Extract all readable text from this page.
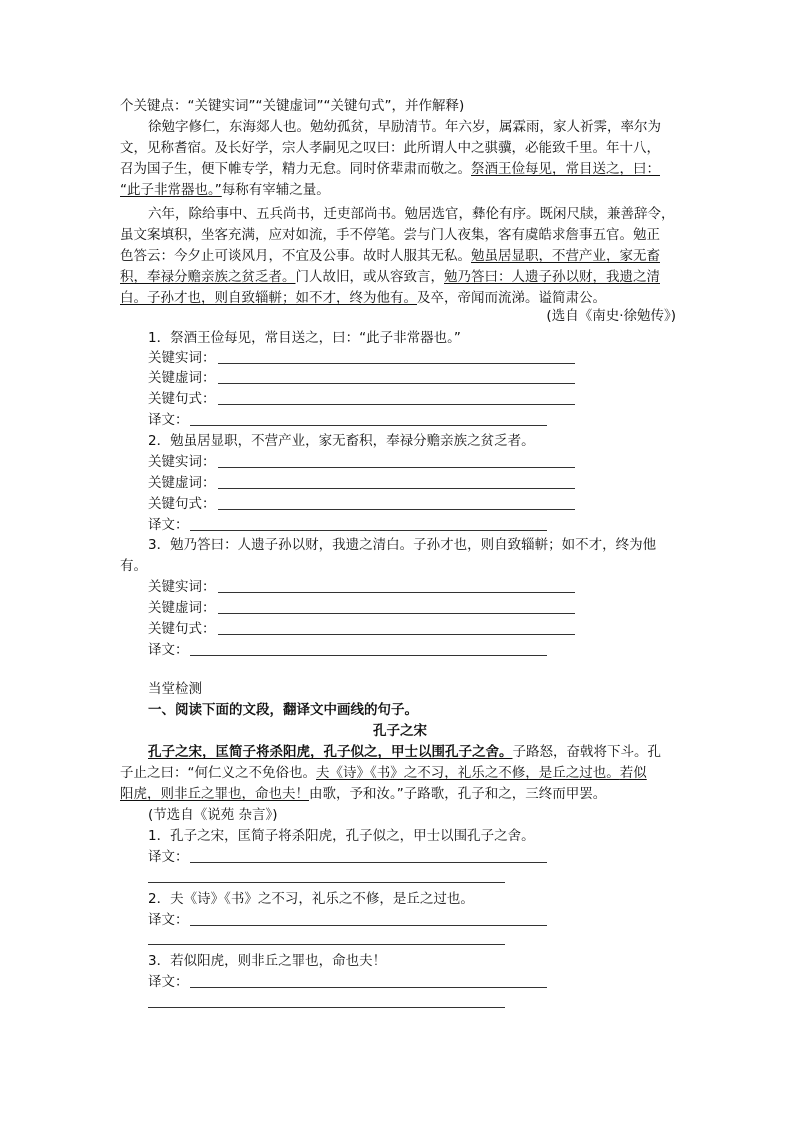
个关键点：“关键实词”“关键虚词”“关键句式”，并作解释)
徐勉字修仁，东海郯人也。勉幼孤贫，早励清节。年六岁，属霖雨，家人祈霁，率尔为
文，见称耆宿。及长好学，宗人孝嗣见之叹曰：此所谓人中之骐骥，必能致千里。年十八，
召为国子生，便下帷专学，精力无怠。同时侪辈肃而敬之。祭酒王俭每见，常目送之，曰：
“此子非常器也。”每称有宰辅之量。
六年，除给事中、五兵尚书，迁吏部尚书。勉居选官，彝伦有序。既闲尺牍，兼善辞令，
虽文案填积，坐客充满，应对如流，手不停笔。尝与门人夜集，客有虞皓求詹事五官。勉正
色答云：今夕止可谈风月，不宜及公事。故时人服其无私。勉虽居显职，不营产业，家无畜
积，奉禄分赡亲族之贫乏者。门人故旧，或从容致言，勉乃答曰：人遗子孙以财，我遗之清
白。子孙才也，则自致辎軿；如不才，终为他有。及卒，帝闻而流涕。谥简肃公。
(选自《南史·徐勉传》)
1．祭酒王俭每见，常目送之，曰：“此子非常器也。”
关键实词：
关键虚词：
关键句式：
译文：
2．勉虽居显职，不营产业，家无畜积，奉禄分赡亲族之贫乏者。
关键实词：
关键虚词：
关键句式：
译文：
3．勉乃答曰：人遗子孙以财，我遗之清白。子孙才也，则自致辎軿；如不才，终为他
有。
关键实词：
关键虚词：
关键句式：
译文：
当堂检测
一、阅读下面的文段，翻译文中画线的句子。
孔子之宋
孔子之宋，匡简子将杀阳虎，孔子似之，甲士以围孔子之舍。子路怒，奋戟将下斗。孔
子止之曰：“何仁义之不免俗也。夫《诗》《书》之不习，礼乐之不修，是丘之过也。若似
阳虎，则非丘之罪也，命也夫！由歌，予和汝。”子路歌，孔子和之，三终而甲罢。
(节选自《说苑 杂言》)
1．孔子之宋，匡简子将杀阳虎，孔子似之，甲士以围孔子之舍。
译文：
2．夫《诗》《书》之不习，礼乐之不修，是丘之过也。
译文：
3．若似阳虎，则非丘之罪也，命也夫！
译文：
